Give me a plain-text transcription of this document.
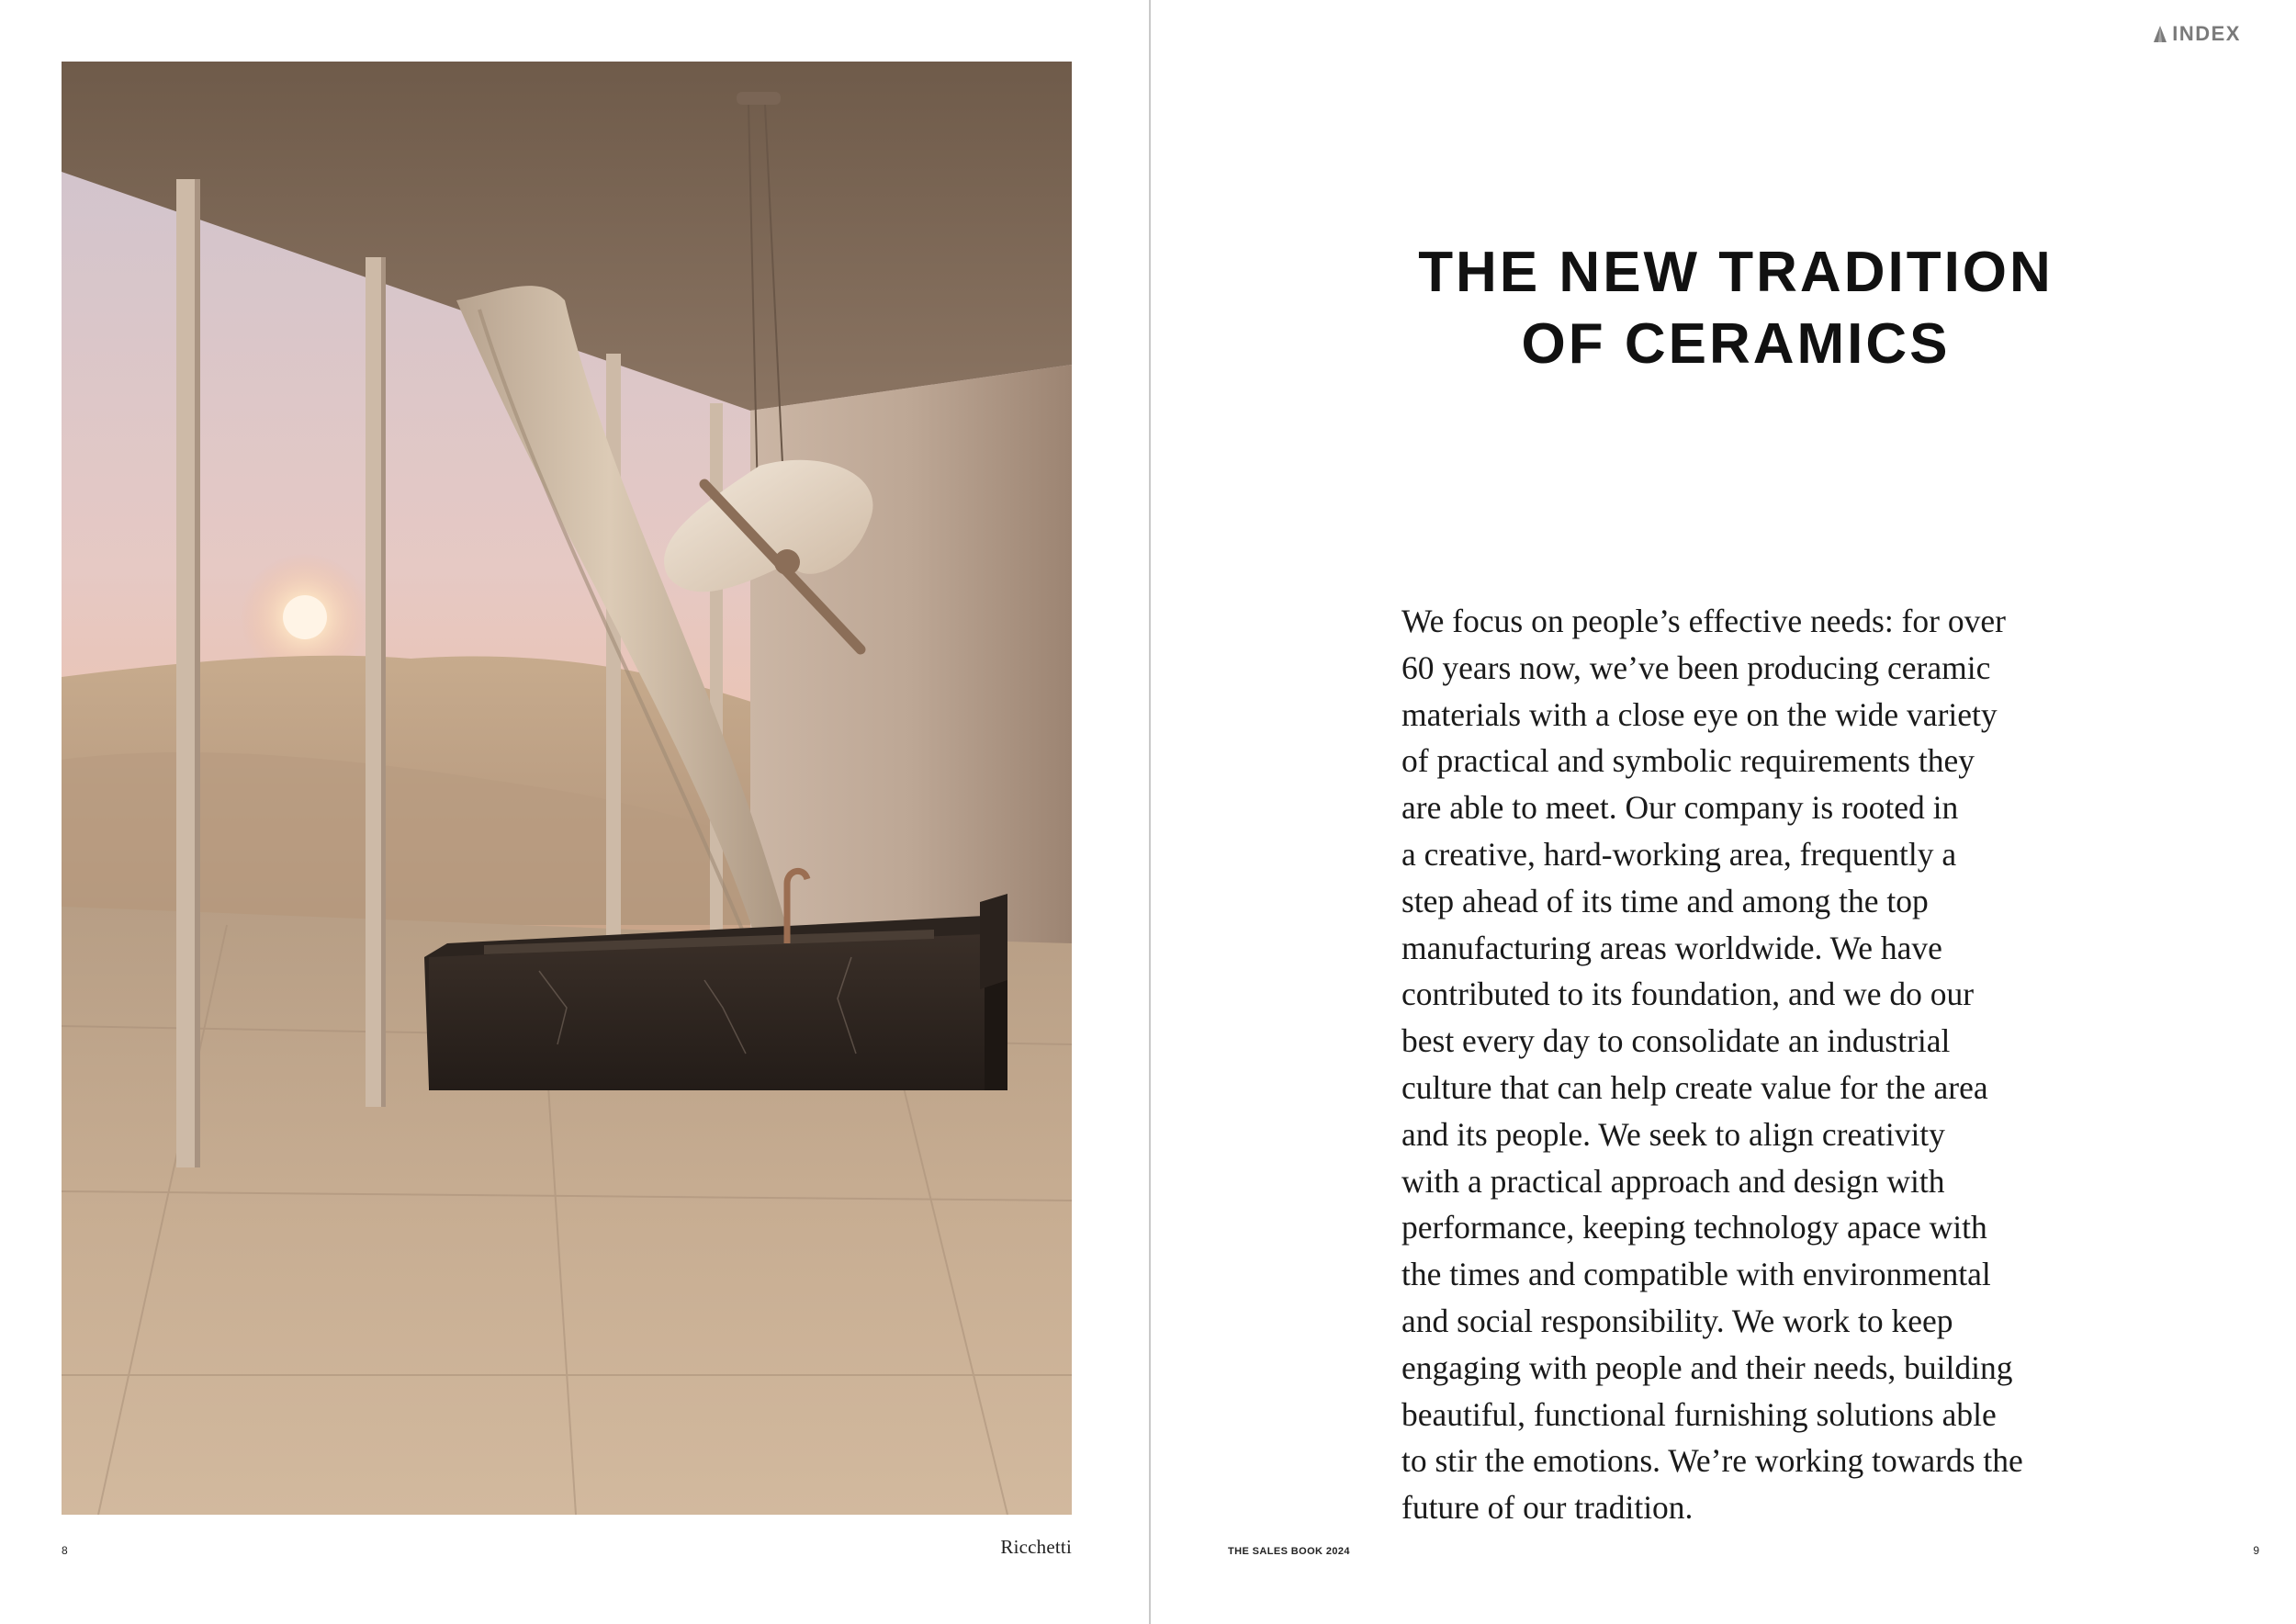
8	Ricchetti
INDEX
THE NEW TRADITION
OF CERAMICS

We focus on people’s effective needs: for over
60 years now, we’ve been producing ceramic
materials with a close eye on the wide variety
of practical and symbolic requirements they
are able to meet. Our company is rooted in
a creative, hard-working area, frequently a
step ahead of its time and among the top
manufacturing areas worldwide. We have
contributed to its foundation, and we do our
best every day to consolidate an industrial
culture that can help create value for the area
and its people. We seek to align creativity
with a practical approach and design with
performance, keeping technology apace with
the times and compatible with environmental
and social responsibility. We work to keep
engaging with people and their needs, building
beautiful, functional furnishing solutions able
to stir the emotions. We’re working towards the
future of our tradition.

THE SALES BOOK 2024	9
